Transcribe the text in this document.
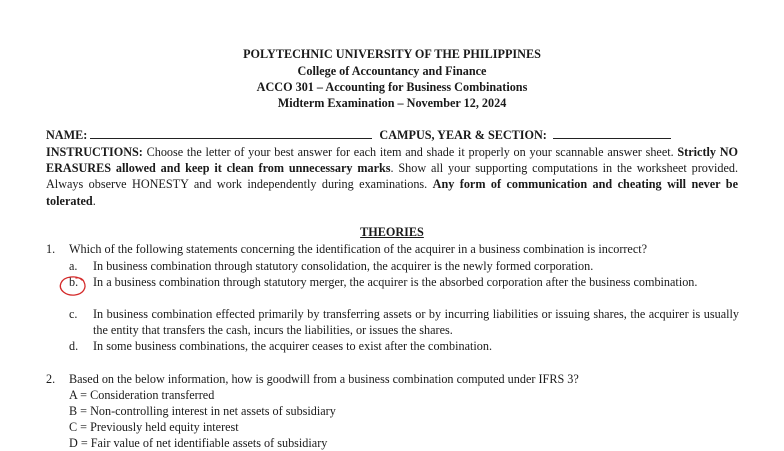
POLYTECHNIC UNIVERSITY OF THE PHILIPPINES
College of Accountancy and Finance
ACCO 301 – Accounting for Business Combinations
Midterm Examination – November 12, 2024
NAME:	CAMPUS, YEAR & SECTION:
INSTRUCTIONS: Choose the letter of your best answer for each item and shade it properly on your scannable answer sheet. Strictly NO ERASURES allowed and keep it clean from unnecessary marks. Show all your supporting computations in the worksheet provided. Always observe HONESTY and work independently during examinations. Any form of communication and cheating will never be tolerated.
THEORIES
1. Which of the following statements concerning the identification of the acquirer in a business combination is incorrect?
a. In business combination through statutory consolidation, the acquirer is the newly formed corporation.
b. In a business combination through statutory merger, the acquirer is the absorbed corporation after the business combination.
c. In business combination effected primarily by transferring assets or by incurring liabilities or issuing shares, the acquirer is usually the entity that transfers the cash, incurs the liabilities, or issues the shares.
d. In some business combinations, the acquirer ceases to exist after the combination.
2. Based on the below information, how is goodwill from a business combination computed under IFRS 3?
A = Consideration transferred
B = Non-controlling interest in net assets of subsidiary
C = Previously held equity interest
D = Fair value of net identifiable assets of subsidiary
